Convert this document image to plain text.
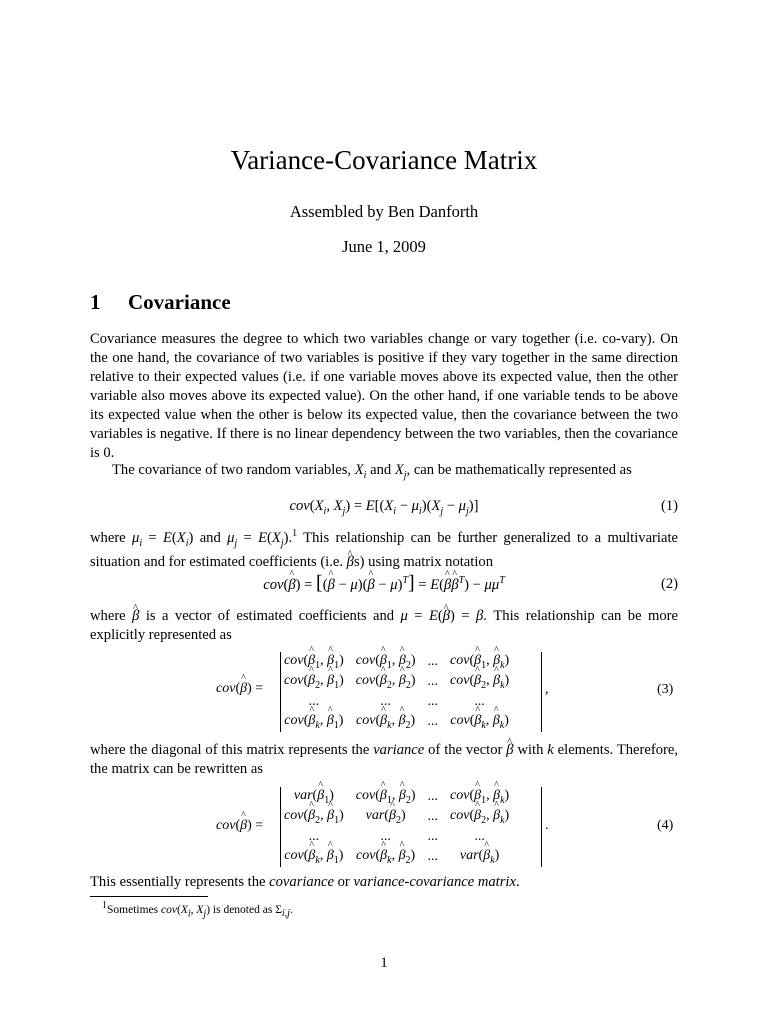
Variance-Covariance Matrix
Assembled by Ben Danforth
June 1, 2009
1 Covariance
Covariance measures the degree to which two variables change or vary together (i.e. co-vary). On the one hand, the covariance of two variables is positive if they vary together in the same direction relative to their expected values (i.e. if one variable moves above its expected value, then the other variable also moves above its expected value). On the other hand, if one variable tends to be above its expected value when the other is below its expected value, then the covariance between the two variables is negative. If there is no linear dependency between the two variables, then the covariance is 0.
The covariance of two random variables, $X_i$ and $X_j$, can be mathematically represented as
$cov(X_i$, $X_j) = E[(X_i - \mu_i)(X_j - \mu_j)]$	(1)
where $\mu_i = E(X_i)$ and $\mu_j = E(X_j).^1$ This relationship can be further generalized to a multivariate situation and for estimated coefficients (i.e. ^ βs) using matrix notation
cov(^ β) = [(^ β − μ)(^ β − μ)$^T$] = E(^ β^ $\beta^T) - \mu\mu^T$	(2)
where ^ β is a vector of estimated coefficients and μ = E(^ β) = β. This relationship can be more explicitly represented as
cov(^ β) =
cov(^ $\beta_1$, ^ $\beta_1$)	cov(^ $\beta_1$, ^ $\beta_2$)	...	cov(^ $\beta_1$, ^ $\beta_k$)
cov(^ $\beta_2$, ^ $\beta_1$)	cov(^ $\beta_2$, ^ $\beta_2$)	...	cov(^ $\beta_2$, ^ $\beta_k$)
...	...	...	...
cov(^ $\beta_k$, ^ $\beta_1$)	cov(^ $\beta_k$, ^ $\beta_2$)	...	cov(^ $\beta_k$, ^ $\beta_k$)
,	(3)
where the diagonal of this matrix represents the variance of the vector ^ β with k elements. Therefore, the matrix can be rewritten as
cov(^ β) =
var(^ $\beta_1$)	cov(^ $\beta_1$, ^ $\beta_2$)	...	cov(^ $\beta_1$, ^ $\beta_k$)
cov(^ $\beta_2$, ^ $\beta_1$)	var(^ $\beta_2$)	...	cov(^ $\beta_2$, ^ $\beta_k$)
...	...	...	...
cov(^ $\beta_k$, ^ $\beta_1$)	cov(^ $\beta_k$, ^ $\beta_2$)	...	var(^ $\beta_k$)
.	(4)
This essentially represents the covariance or variance-covariance matrix.
$^1$Sometimes $cov(X_i$, $X_j$) is denoted as $\Sigma_{i,j}$.
1
